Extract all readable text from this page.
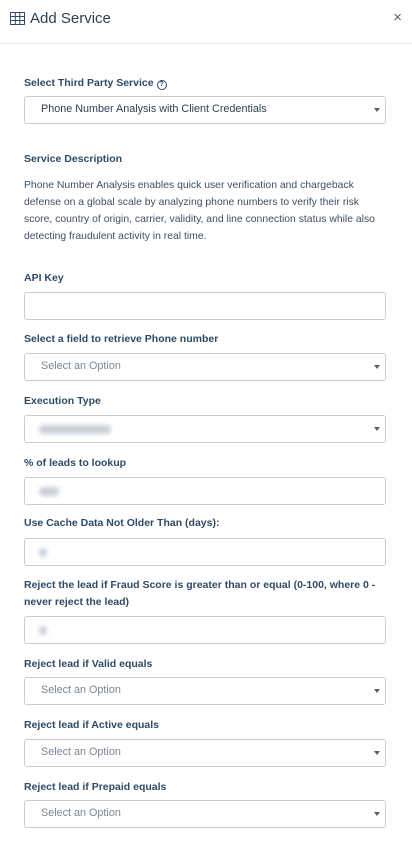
Add Service	×
Select Third Party Service ?
Phone Number Analysis with Client Credentials
Service Description
Phone Number Analysis enables quick user verification and chargeback defense on a global scale by analyzing phone numbers to verify their risk score, country of origin, carrier, validity, and line connection status while also detecting fraudulent activity in real time.
API Key
Select a field to retrieve Phone number
Select an Option
Execution Type
% of leads to lookup
Use Cache Data Not Older Than (days):
Reject the lead if Fraud Score is greater than or equal (0-100, where 0 - never reject the lead)
Reject lead if Valid equals
Select an Option
Reject lead if Active equals
Select an Option
Reject lead if Prepaid equals
Select an Option
